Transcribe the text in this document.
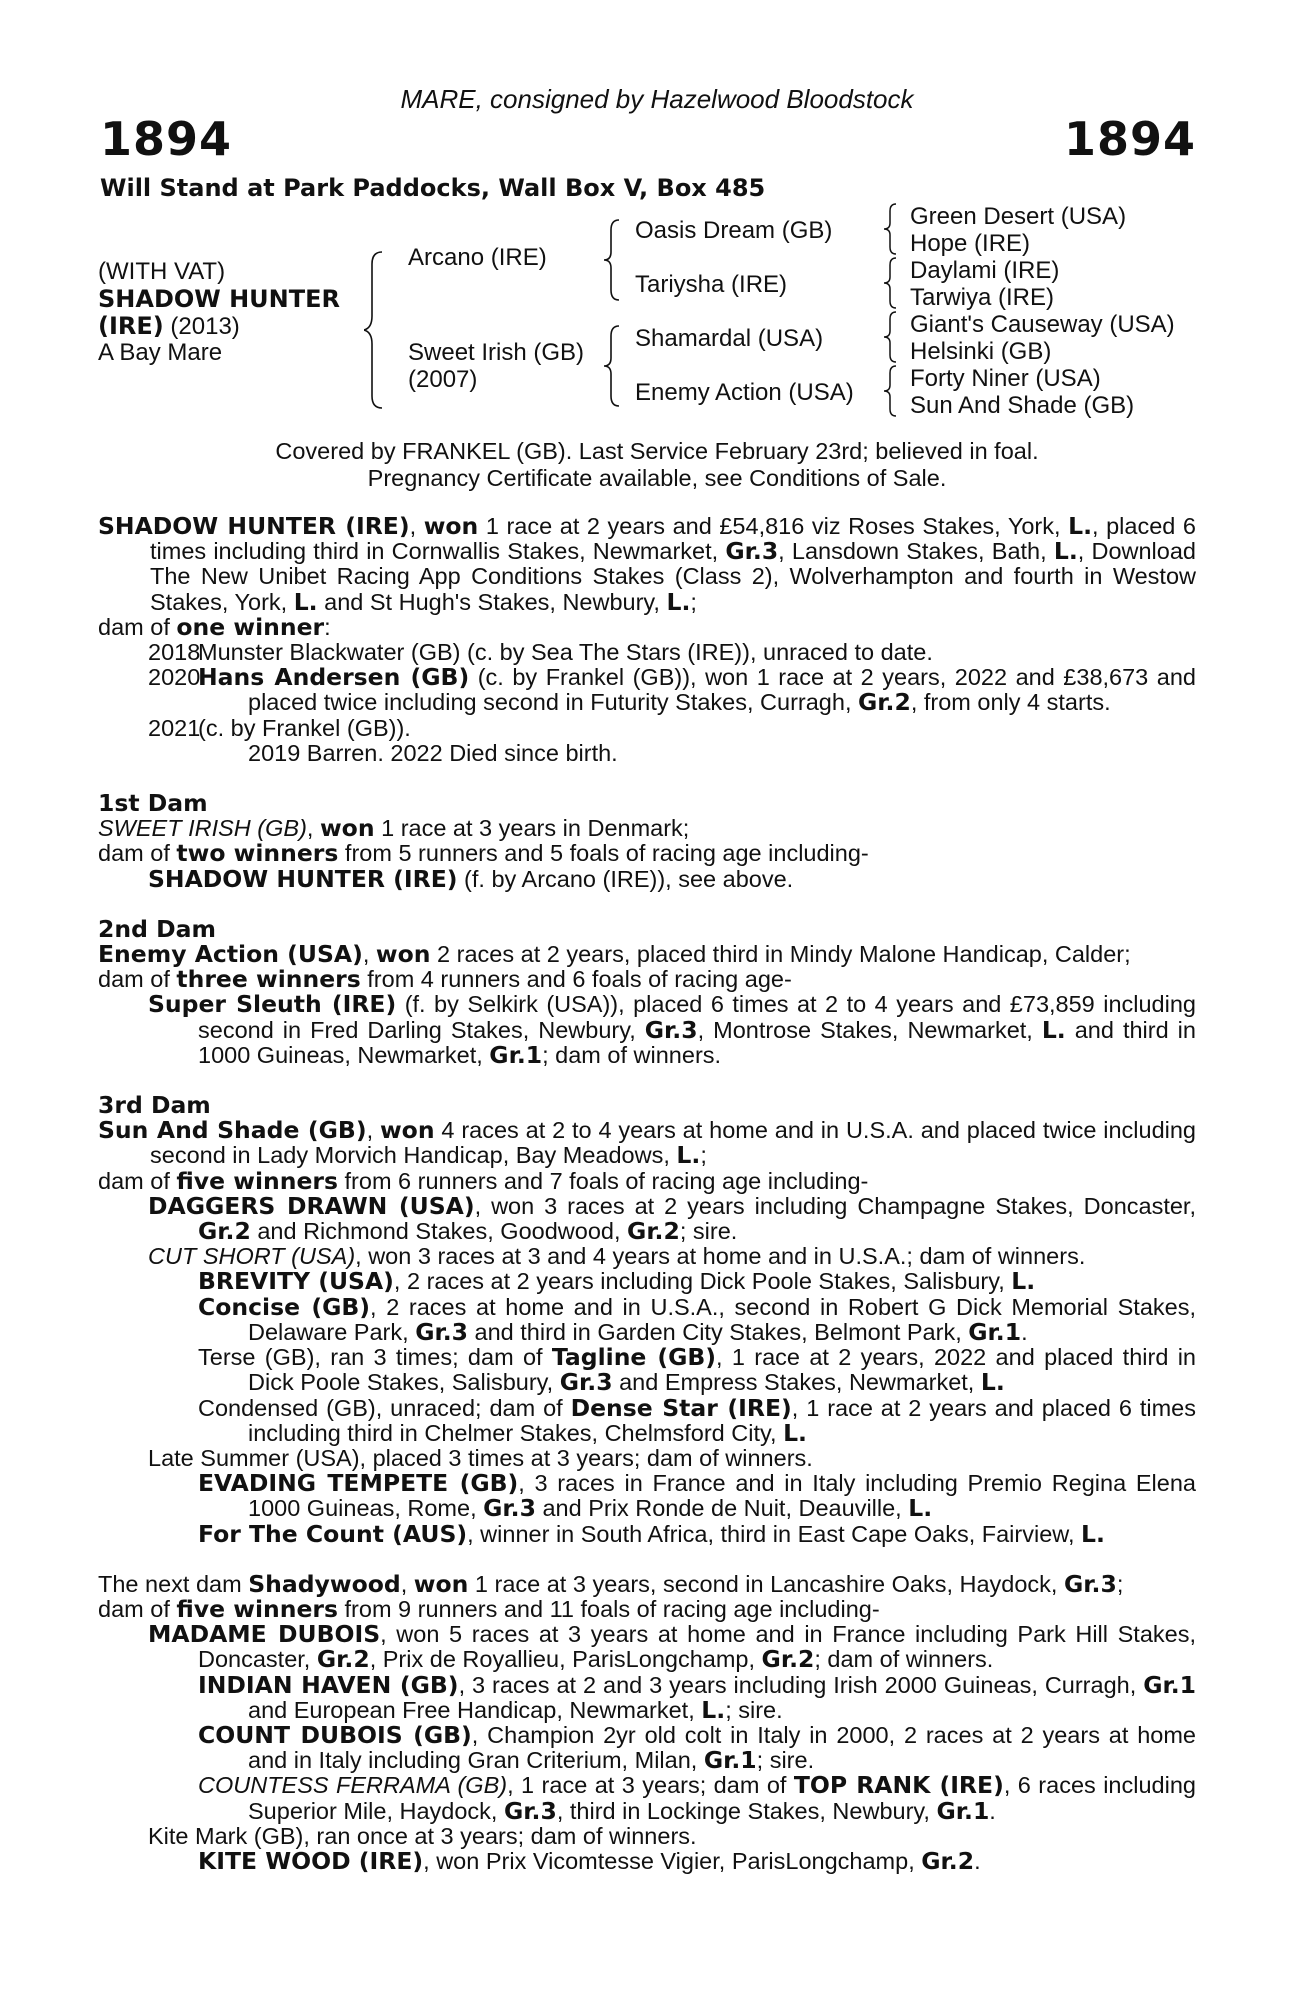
MARE, consigned by Hazelwood Bloodstock
1894	1894
Will Stand at Park Paddocks, Wall Box V, Box 485
(WITH VAT)
SHADOW HUNTER
(IRE) (2013)
A Bay Mare
Arcano (IRE)
Sweet Irish (GB)
(2007)
Oasis Dream (GB)
Tariysha (IRE)
Shamardal (USA)
Enemy Action (USA)
Green Desert (USA)
Hope (IRE)
Daylami (IRE)
Tarwiya (IRE)
Giant's Causeway (USA)
Helsinki (GB)
Forty Niner (USA)
Sun And Shade (GB)
Covered by FRANKEL (GB). Last Service February 23rd; believed in foal.
Pregnancy Certificate available, see Conditions of Sale.

SHADOW HUNTER (IRE), won 1 race at 2 years and £54,816 viz Roses Stakes, York, L., placed 6 times including third in Cornwallis Stakes, Newmarket, Gr.3, Lansdown Stakes, Bath, L., Download The New Unibet Racing App Conditions Stakes (Class 2), Wolverhampton and fourth in Westow Stakes, York, L. and St Hugh's Stakes, Newbury, L.;

dam of one winner:

2018
Munster Blackwater (GB) (c. by Sea The Stars (IRE)), unraced to date.
2020
Hans Andersen (GB) (c. by Frankel (GB)), won 1 race at 2 years, 2022 and £38,673 and placed twice including second in Futurity Stakes, Curragh, Gr.2, from only 4 starts.
2021
(c. by Frankel (GB)).

2019 Barren. 2022 Died since birth.

1st Dam

SWEET IRISH (GB), won 1 race at 3 years in Denmark;

dam of two winners from 5 runners and 5 foals of racing age including-

SHADOW HUNTER (IRE) (f. by Arcano (IRE)), see above.

2nd Dam

Enemy Action (USA), won 2 races at 2 years, placed third in Mindy Malone Handicap, Calder;

dam of three winners from 4 runners and 6 foals of racing age-

Super Sleuth (IRE) (f. by Selkirk (USA)), placed 6 times at 2 to 4 years and £73,859 including second in Fred Darling Stakes, Newbury, Gr.3, Montrose Stakes, Newmarket, L. and third in 1000 Guineas, Newmarket, Gr.1; dam of winners.

3rd Dam

Sun And Shade (GB), won 4 races at 2 to 4 years at home and in U.S.A. and placed twice including second in Lady Morvich Handicap, Bay Meadows, L.;

dam of five winners from 6 runners and 7 foals of racing age including-

DAGGERS DRAWN (USA), won 3 races at 2 years including Champagne Stakes, Doncaster, Gr.2 and Richmond Stakes, Goodwood, Gr.2; sire.

CUT SHORT (USA), won 3 races at 3 and 4 years at home and in U.S.A.; dam of winners.

BREVITY (USA), 2 races at 2 years including Dick Poole Stakes, Salisbury, L.

Concise (GB), 2 races at home and in U.S.A., second in Robert G Dick Memorial Stakes, Delaware Park, Gr.3 and third in Garden City Stakes, Belmont Park, Gr.1.

Terse (GB), ran 3 times; dam of Tagline (GB), 1 race at 2 years, 2022 and placed third in Dick Poole Stakes, Salisbury, Gr.3 and Empress Stakes, Newmarket, L.

Condensed (GB), unraced; dam of Dense Star (IRE), 1 race at 2 years and placed 6 times including third in Chelmer Stakes, Chelmsford City, L.

Late Summer (USA), placed 3 times at 3 years; dam of winners.

EVADING TEMPETE (GB), 3 races in France and in Italy including Premio Regina Elena 1000 Guineas, Rome, Gr.3 and Prix Ronde de Nuit, Deauville, L.

For The Count (AUS), winner in South Africa, third in East Cape Oaks, Fairview, L.

The next dam Shadywood, won 1 race at 3 years, second in Lancashire Oaks, Haydock, Gr.3;

dam of five winners from 9 runners and 11 foals of racing age including-

MADAME DUBOIS, won 5 races at 3 years at home and in France including Park Hill Stakes, Doncaster, Gr.2, Prix de Royallieu, ParisLongchamp, Gr.2; dam of winners.

INDIAN HAVEN (GB), 3 races at 2 and 3 years including Irish 2000 Guineas, Curragh, Gr.1 and European Free Handicap, Newmarket, L.; sire.

COUNT DUBOIS (GB), Champion 2yr old colt in Italy in 2000, 2 races at 2 years at home and in Italy including Gran Criterium, Milan, Gr.1; sire.

COUNTESS FERRAMA (GB), 1 race at 3 years; dam of TOP RANK (IRE), 6 races including Superior Mile, Haydock, Gr.3, third in Lockinge Stakes, Newbury, Gr.1.

Kite Mark (GB), ran once at 3 years; dam of winners.

KITE WOOD (IRE), won Prix Vicomtesse Vigier, ParisLongchamp, Gr.2.
